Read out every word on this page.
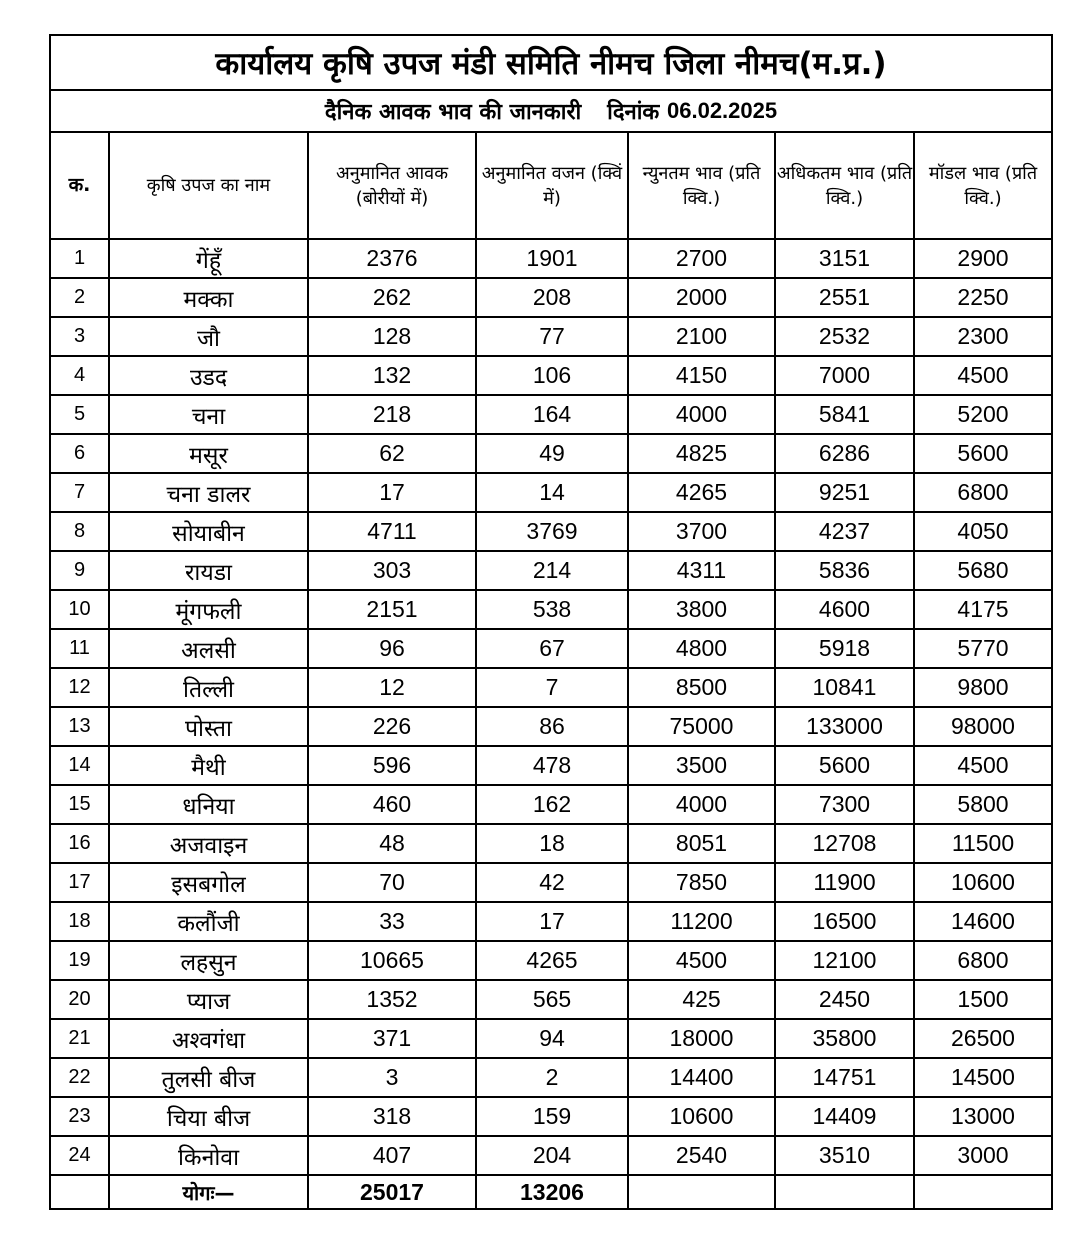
कार्यालय कृषि उपज मंडी समिति नीमच जिला नीमच(म.प्र.)
दैनिक आवक भाव की जानकारी दिनांक
06.02.2025
क.	कृषि उपज का नाम	अनुमानित आवक (बोरीयों में)	अनुमानित वजन (क्विं में)	न्युनतम भाव (प्रति क्वि.)	अधिकतम भाव (प्रति क्वि.)	मॉडल भाव (प्रति क्वि.)
1	गेंहूँ	2376	1901	2700	3151	2900
2	मक्का	262	208	2000	2551	2250
3	जौ	128	77	2100	2532	2300
4	उडद	132	106	4150	7000	4500
5	चना	218	164	4000	5841	5200
6	मसूर	62	49	4825	6286	5600
7	चना डालर	17	14	4265	9251	6800
8	सोयाबीन	4711	3769	3700	4237	4050
9	रायडा	303	214	4311	5836	5680
10	मूंगफली	2151	538	3800	4600	4175
11	अलसी	96	67	4800	5918	5770
12	तिल्ली	12	7	8500	10841	9800
13	पोस्ता	226	86	75000	133000	98000
14	मैथी	596	478	3500	5600	4500
15	धनिया	460	162	4000	7300	5800
16	अजवाइन	48	18	8051	12708	11500
17	इसबगोल	70	42	7850	11900	10600
18	कलौंजी	33	17	11200	16500	14600
19	लहसुन	10665	4265	4500	12100	6800
20	प्याज	1352	565	425	2450	1500
21	अश्वगंधा	371	94	18000	35800	26500
22	तुलसी बीज	3	2	14400	14751	14500
23	चिया बीज	318	159	10600	14409	13000
24	किनोवा	407	204	2540	3510	3000
	योगः—	25017	13206			
